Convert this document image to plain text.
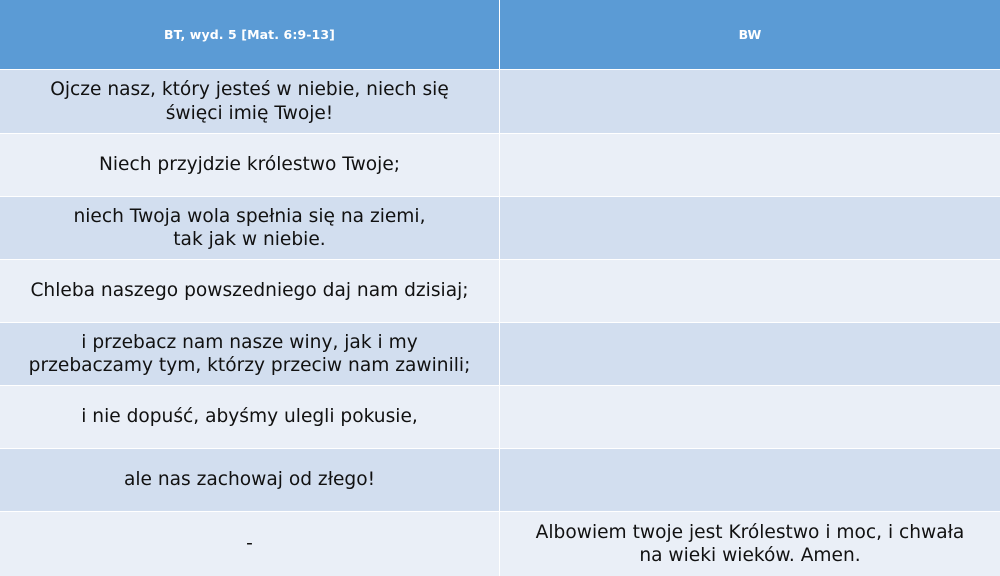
BT, wyd. 5 [Mat. 6:9-13]	BW
Ojcze nasz, który jesteś w niebie, niech się
święci imię Twoje!
Niech przyjdzie królestwo Twoje;
niech Twoja wola spełnia się na ziemi,
tak jak w niebie.
Chleba naszego powszedniego daj nam dzisiaj;
i przebacz nam nasze winy, jak i my
przebaczamy tym, którzy przeciw nam zawinili;
i nie dopuść, abyśmy ulegli pokusie,
ale nas zachowaj od złego!
-
Albowiem twoje jest Królestwo i moc, i chwała
na wieki wieków. Amen.
